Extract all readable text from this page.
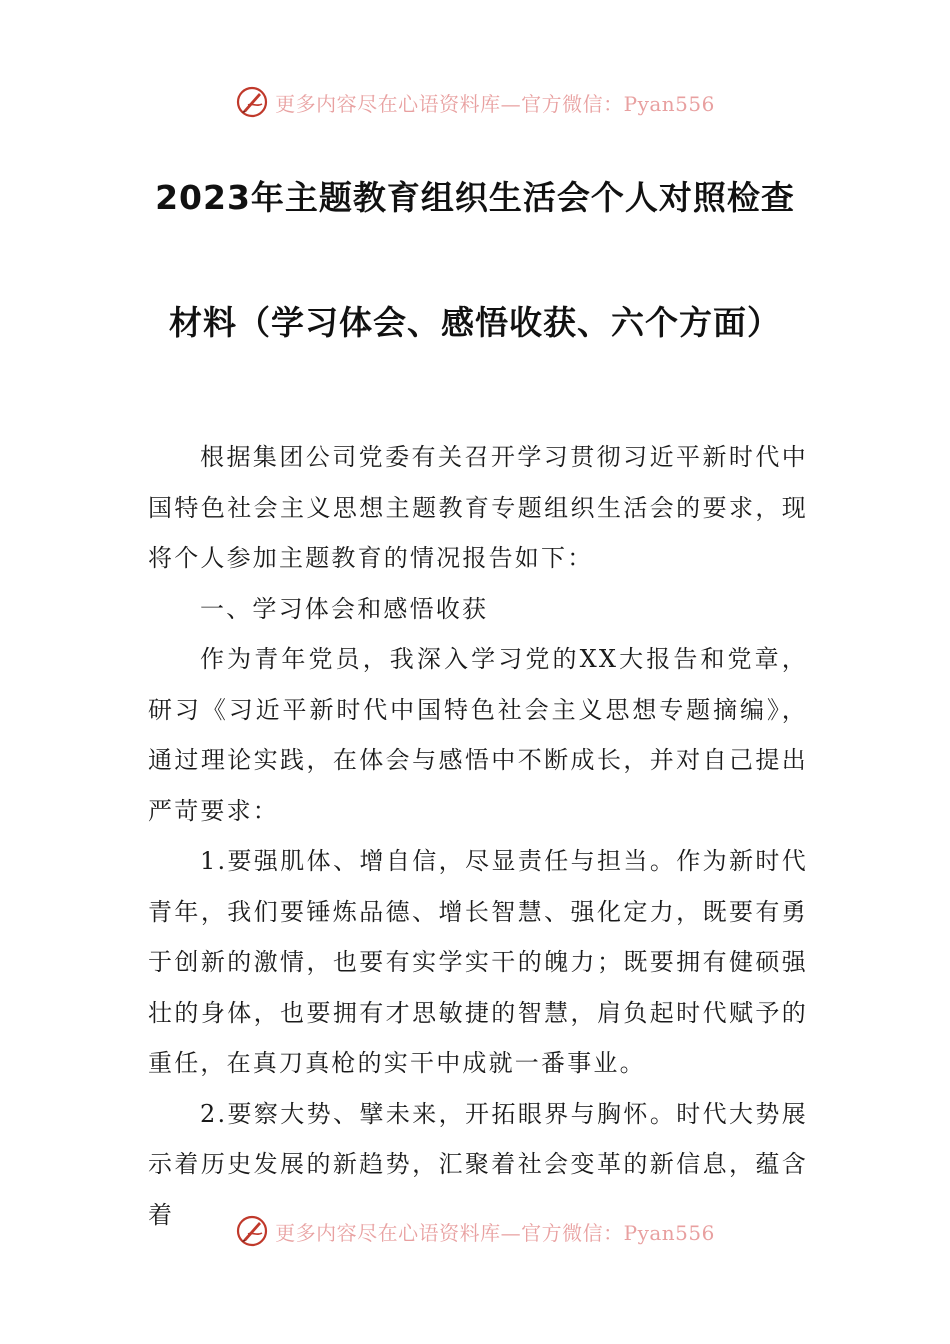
更多内容尽在心语资料库—官方微信：Pyan556
2023年主题教育组织生活会个人对照检查
材料（学习体会、感悟收获、六个方面）

根据集团公司党委有关召开学习贯彻习近平新时代中国特色社会主义思想主题教育专题组织生活会的要求，现将个人参加主题教育的情况报告如下：

一、学习体会和感悟收获

作为青年党员，我深入学习党的XX大报告和党章，研习《习近平新时代中国特色社会主义思想专题摘编》，通过理论实践，在体会与感悟中不断成长，并对自己提出严苛要求：

1.要强肌体、增自信，尽显责任与担当。作为新时代青年，我们要锤炼品德、增长智慧、强化定力，既要有勇于创新的激情，也要有实学实干的魄力；既要拥有健硕强壮的身体，也要拥有才思敏捷的智慧，肩负起时代赋予的重任，在真刀真枪的实干中成就一番事业。

2.要察大势、擘未来，开拓眼界与胸怀。时代大势展示着历史发展的新趋势，汇聚着社会变革的新信息，蕴含着

更多内容尽在心语资料库—官方微信：Pyan556
